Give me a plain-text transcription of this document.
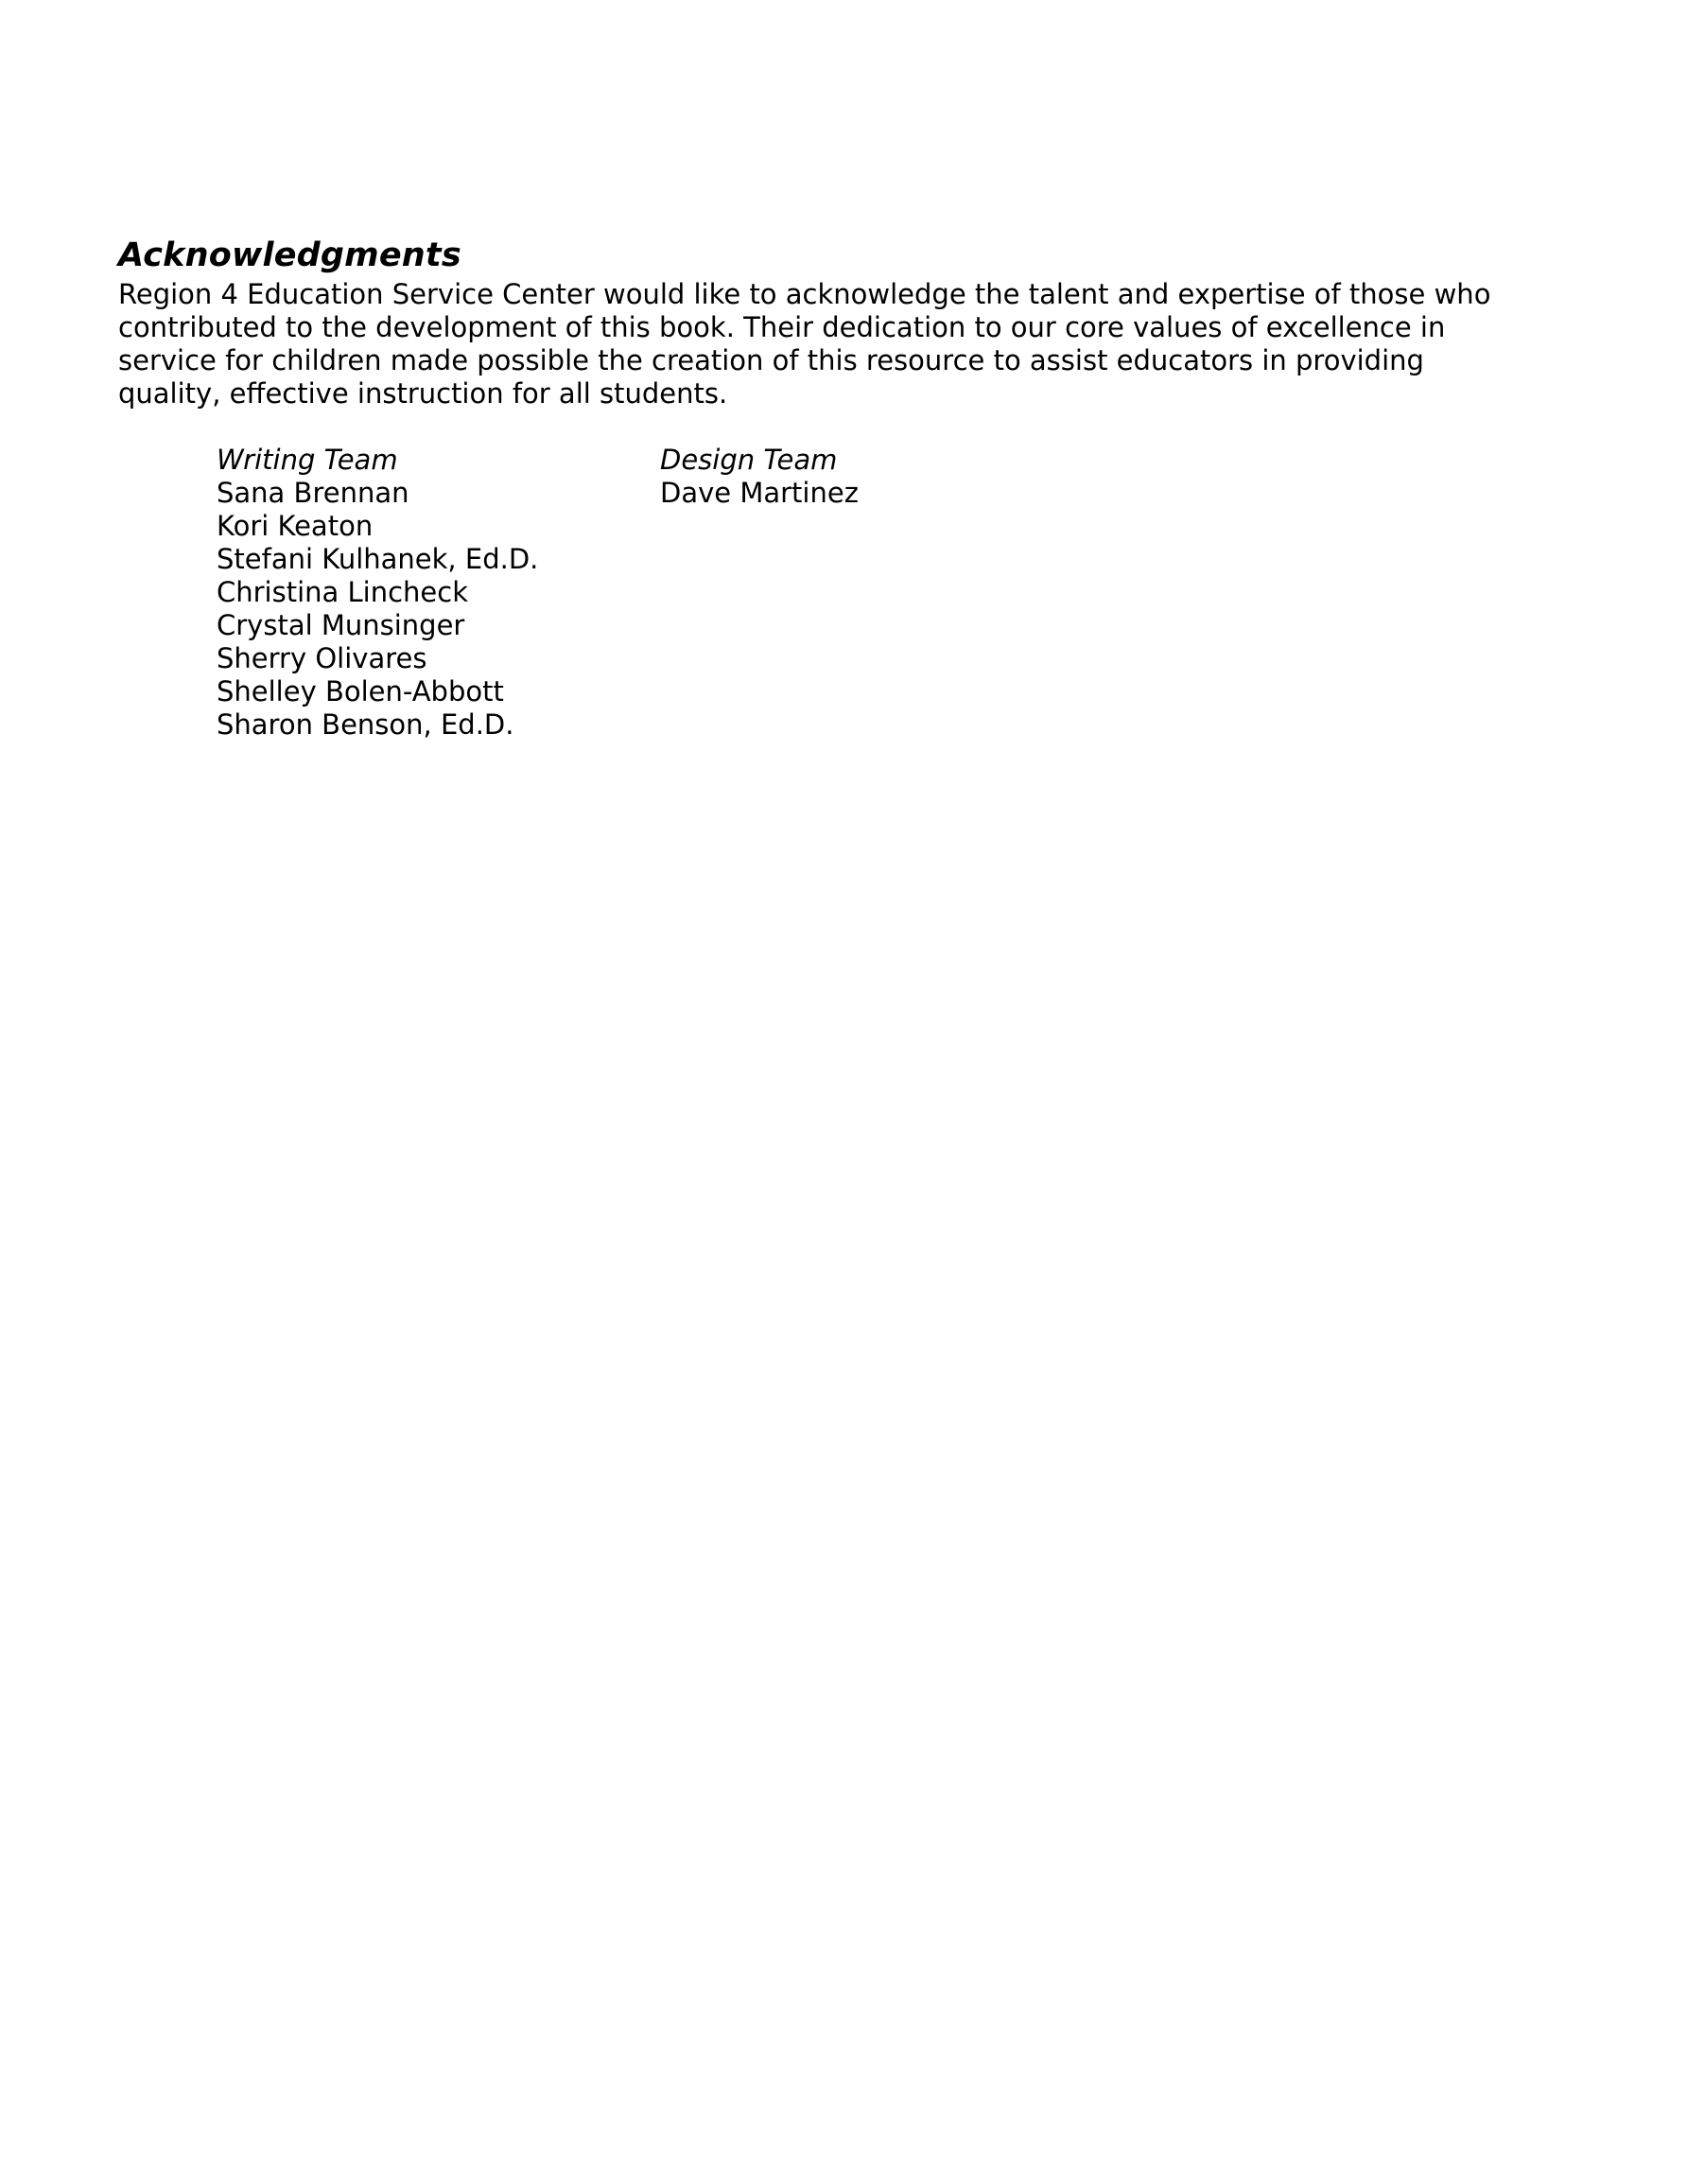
Acknowledgments

Region 4 Education Service Center would like to acknowledge the talent and expertise of those who
contributed to the development of this book. Their dedication to our core values of excellence in
service for children made possible the creation of this resource to assist educators in providing
quality, effective instruction for all students.

Writing Team
Sana Brennan
Kori Keaton
Stefani Kulhanek, Ed.D.
Christina Lincheck
Crystal Munsinger
Sherry Olivares
Shelley Bolen-Abbott
Sharon Benson, Ed.D.
Design Team
Dave Martinez
